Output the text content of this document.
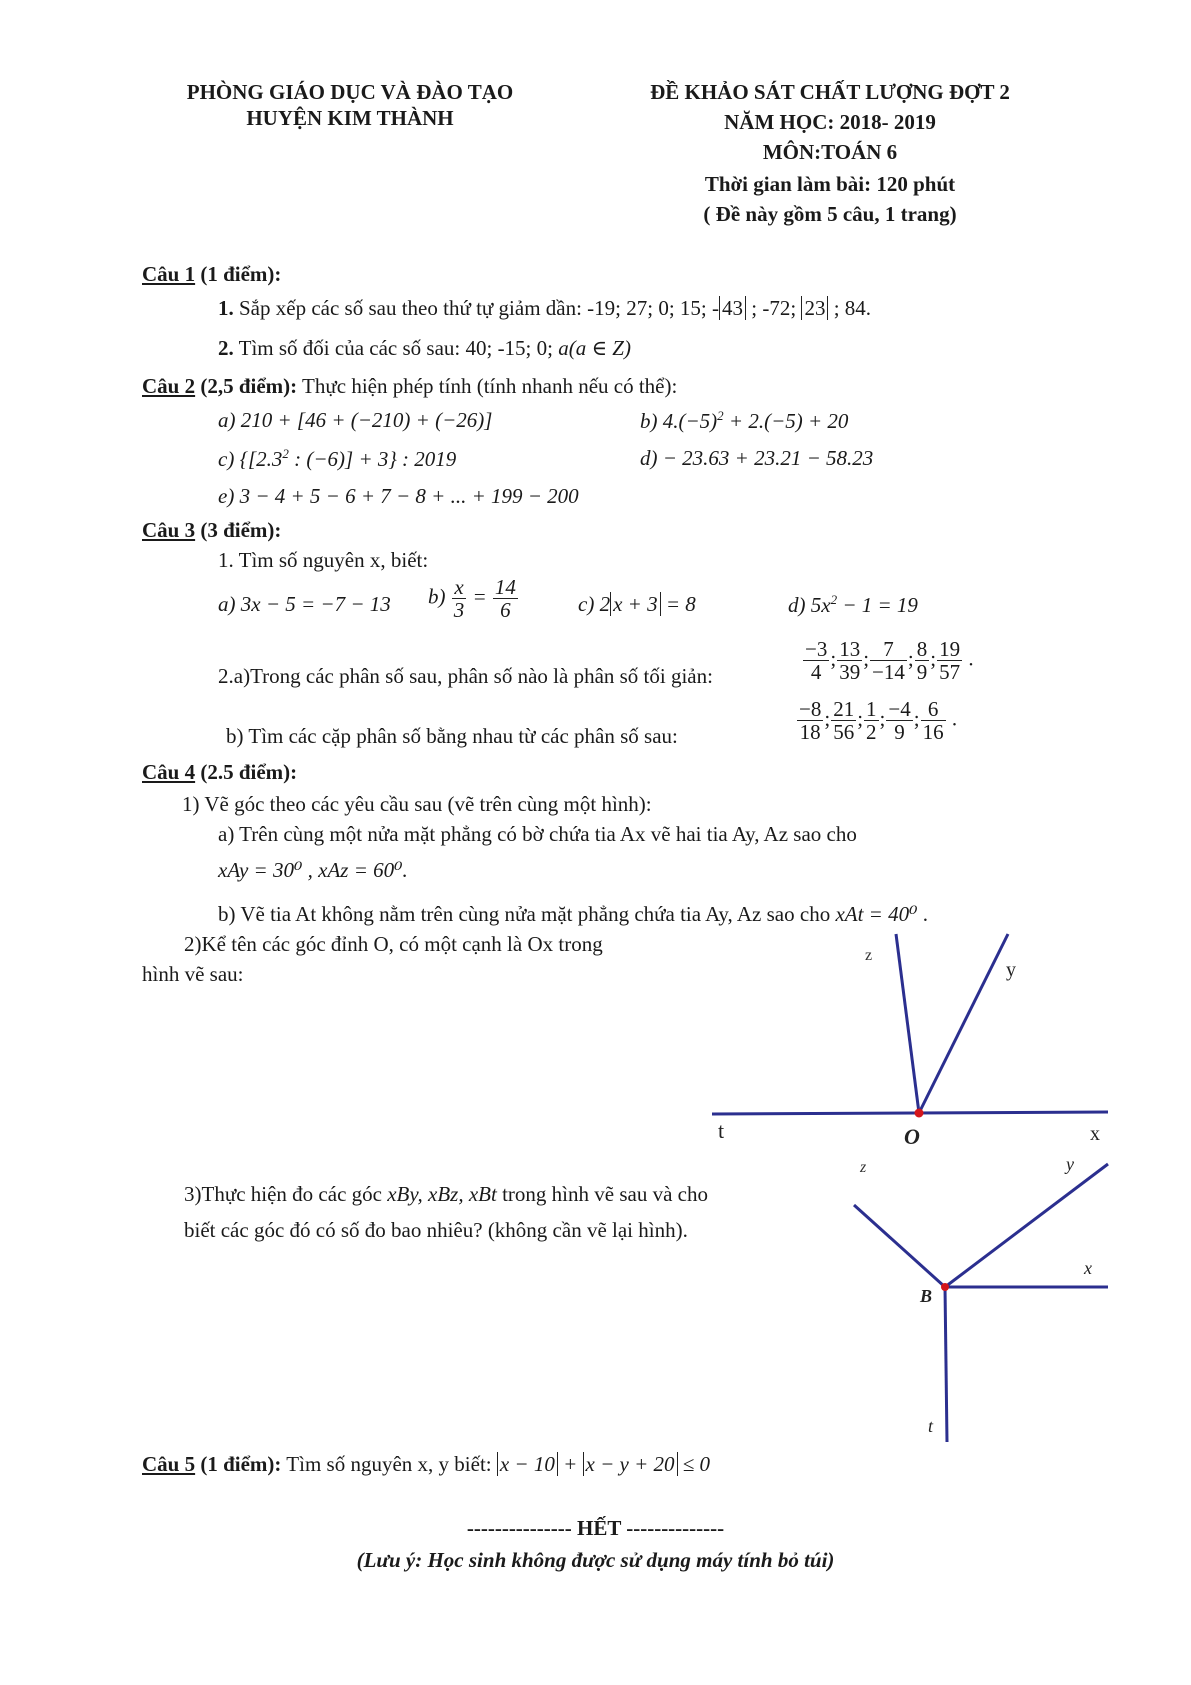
PHÒNG GIÁO DỤC VÀ ĐÀO TẠO
HUYỆN KIM THÀNH
ĐỀ KHẢO SÁT CHẤT LƯỢNG ĐỢT 2
NĂM HỌC: 2018- 2019
MÔN:TOÁN 6
Thời gian làm bài: 120 phút
( Đề này gồm 5 câu, 1 trang)
Câu 1 (1 điểm):
1. Sắp xếp các số sau theo thứ tự giảm dần: -19; 27; 0; 15; - 43 ; -72; 23 ; 84.
2. Tìm số đối của các số sau: 40; -15; 0; a(a ∈ Z)
Câu 2 (2,5 điểm): Thực hiện phép tính (tính nhanh nếu có thể):
a) 210 + [46 + (−210) + (−26)]	b) $4.(-5)^2 + 2.(-5) + 20$
c) {[$2.3^2$ : (−6)] + 3} : 2019	d) − 23.63 + 23.21 − 58.23
e) 3 − 4 + 5 − 6 + 7 − 8 + ... + 199 − 200
Câu 3 (3 điểm):
1. Tìm số nguyên x, biết:
a) 3x − 5 = −7 − 13 $b) \frac{x}{3} = \frac{14}{6}$	c) 2 x + 3 = 8	d) $5x^2 - 1 = 19$
2.a)Trong các phân số sau, phân số nào là phân số tối giản:	$\frac{-3}{4}$ ; $\frac{13}{39}$ ; $\frac{7}{-14}$ ; $\frac{8}{9}$ ; $\frac{19}{57}$ .
b) Tìm các cặp phân số bằng nhau từ các phân số sau:	$\frac{-8}{18}$ ; $\frac{21}{56}$ ; $\frac{1}{2}$ ; $\frac{-4}{9}$ ; $\frac{6}{16}$ .
Câu 4 (2.5 điểm):
1) Vẽ góc theo các yêu cầu sau (vẽ trên cùng một hình):
a) Trên cùng một nửa mặt phẳng có bờ chứa tia Ax vẽ hai tia Ay, Az sao cho
xAy = 30⁰ , xAz = 60⁰.
b) Vẽ tia At không nằm trên cùng nửa mặt phẳng chứa tia Ay, Az sao cho xAt = 40⁰ .
2)Kể tên các góc đỉnh O, có một cạnh là Ox trong
hình vẽ sau:
z
y
t	O	x
3)Thực hiện đo các góc xBy, xBz, xBt trong hình vẽ sau và cho
biết các góc đó có số đo bao nhiêu? (không cần vẽ lại hình).
z	y
x
B
t
Câu 5 (1 điểm): Tìm số nguyên x, y biết: x − 10 + x − y + 20 ≤ 0
--------------- HẾT --------------
(Lưu ý: Học sinh không được sử dụng máy tính bỏ túi)
